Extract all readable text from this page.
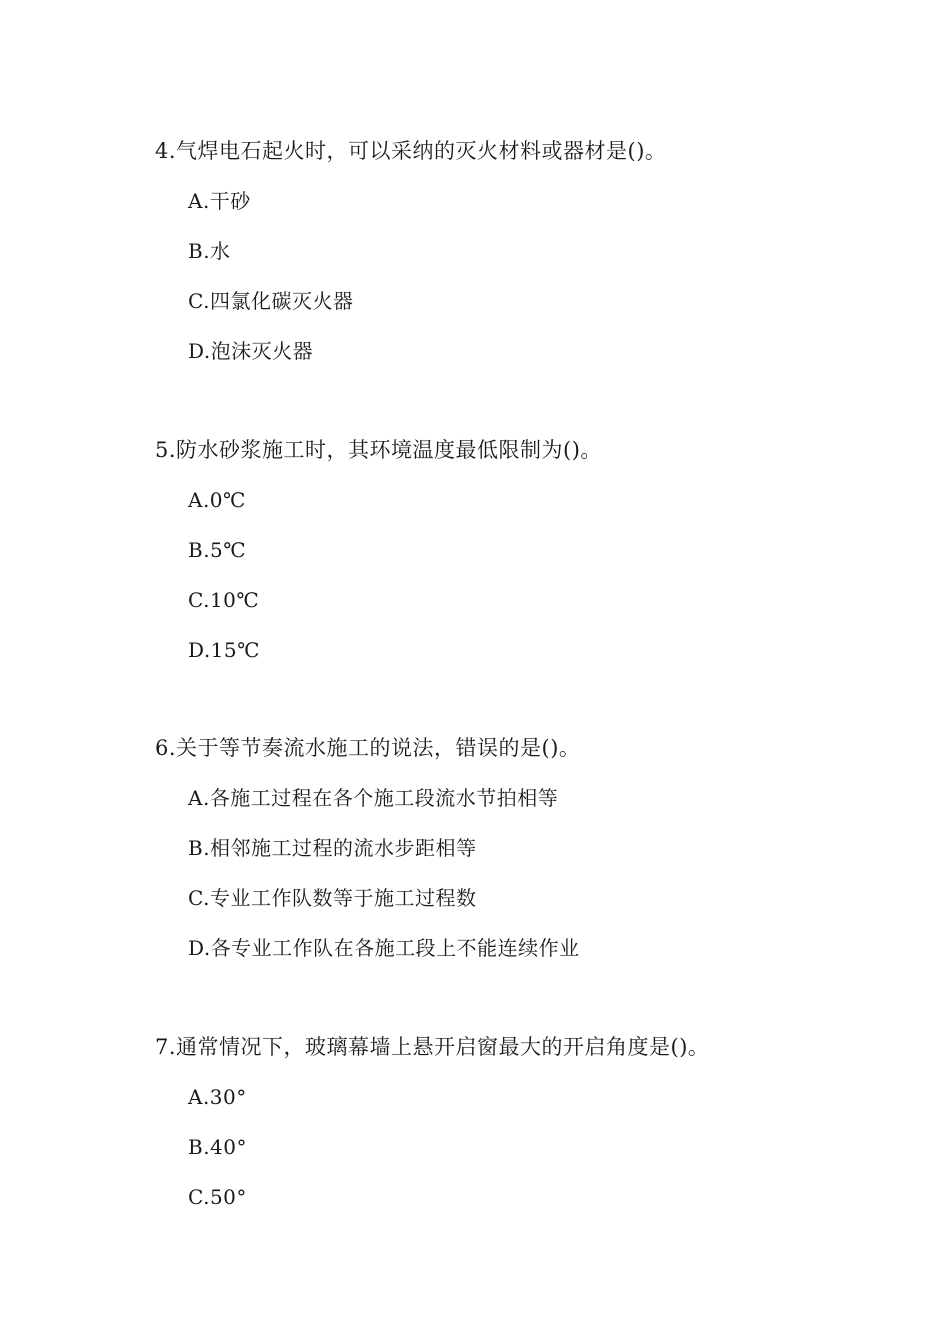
4.气焊电石起火时，可以采纳的灭火材料或器材是()。
A.干砂
B.水
C.四氯化碳灭火器
D.泡沫灭火器
5.防水砂浆施工时，其环境温度最低限制为()。
A.0℃
B.5℃
C.10℃
D.15℃
6.关于等节奏流水施工的说法，错误的是()。
A.各施工过程在各个施工段流水节拍相等
B.相邻施工过程的流水步距相等
C.专业工作队数等于施工过程数
D.各专业工作队在各施工段上不能连续作业
7.通常情况下，玻璃幕墙上悬开启窗最大的开启角度是()。
A.30°
B.40°
C.50°
